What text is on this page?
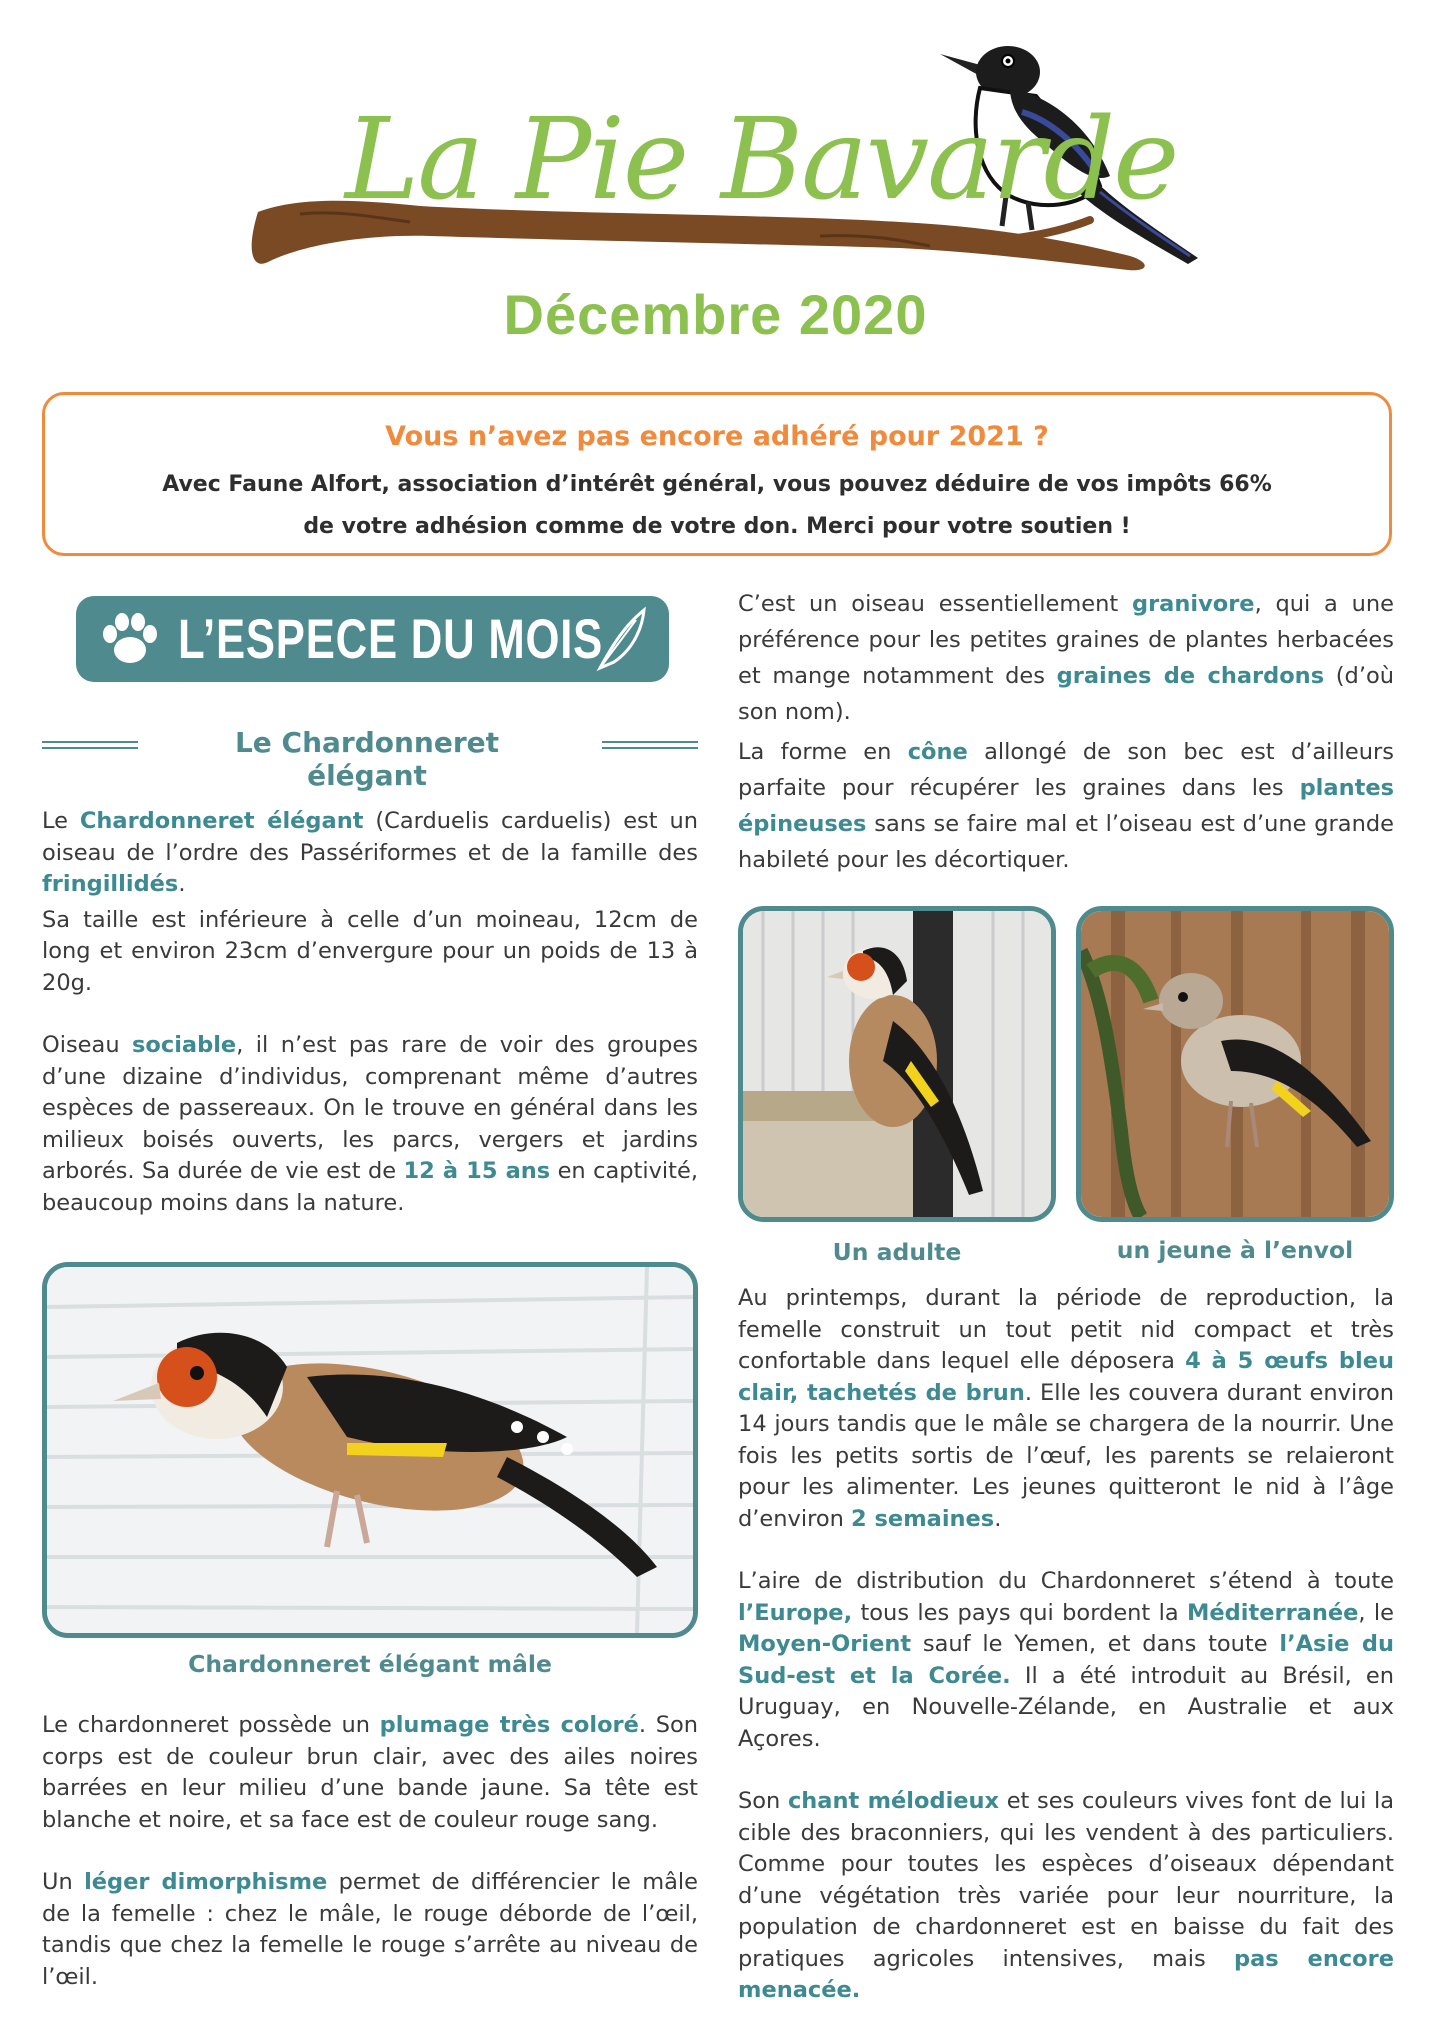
La Pie Bavarde
Décembre 2020
Vous n’avez pas encore adhéré pour 2021 ?
Avec Faune Alfort, association d’intérêt général, vous pouvez déduire de vos impôts 66% de votre adhésion comme de votre don. Merci pour votre soutien !
L’ESPECE DU MOIS
Le Chardonneret élégant

Le Chardonneret élégant (Carduelis carduelis) est un oiseau de l’ordre des Passériformes et de la famille des fringillidés.

Sa taille est inférieure à celle d’un moineau, 12cm de long et environ 23cm d’envergure pour un poids de 13 à 20g.

Oiseau sociable, il n’est pas rare de voir des groupes d’une dizaine d’individus, comprenant même d’autres espèces de passereaux. On le trouve en général dans les milieux boisés ouverts, les parcs, vergers et jardins arborés. Sa durée de vie est de 12 à 15 ans en captivité, beaucoup moins dans la nature.

Chardonneret élégant mâle

Le chardonneret possède un plumage très coloré. Son corps est de couleur brun clair, avec des ailes noires barrées en leur milieu d’une bande jaune. Sa tête est blanche et noire, et sa face est de couleur rouge sang.

Un léger dimorphisme permet de différencier le mâle de la femelle : chez le mâle, le rouge déborde de l’œil, tandis que chez la femelle le rouge s’arrête au niveau de l’œil.

C’est un oiseau essentiellement granivore, qui a une préférence pour les petites graines de plantes herbacées et mange notamment des graines de chardons (d’où son nom).

La forme en cône allongé de son bec est d’ailleurs parfaite pour récupérer les graines dans les plantes épineuses sans se faire mal et l’oiseau est d’une grande habileté pour les décortiquer.

Un adulte	un jeune à l’envol

Au printemps, durant la période de reproduction, la femelle construit un tout petit nid compact et très confortable dans lequel elle déposera 4 à 5 œufs bleu clair, tachetés de brun. Elle les couvera durant environ 14 jours tandis que le mâle se chargera de la nourrir. Une fois les petits sortis de l’œuf, les parents se relaieront pour les alimenter. Les jeunes quitteront le nid à l’âge d’environ 2 semaines.

L’aire de distribution du Chardonneret s’étend à toute l’Europe, tous les pays qui bordent la Méditerranée, le Moyen-Orient sauf le Yemen, et dans toute l’Asie du Sud-est et la Corée. Il a été introduit au Brésil, en Uruguay, en Nouvelle-Zélande, en Australie et aux Açores.

Son chant mélodieux et ses couleurs vives font de lui la cible des braconniers, qui les vendent à des particuliers. Comme pour toutes les espèces d’oiseaux dépendant d’une végétation très variée pour leur nourriture, la population de chardonneret est en baisse du fait des pratiques agricoles intensives, mais pas encore menacée.
